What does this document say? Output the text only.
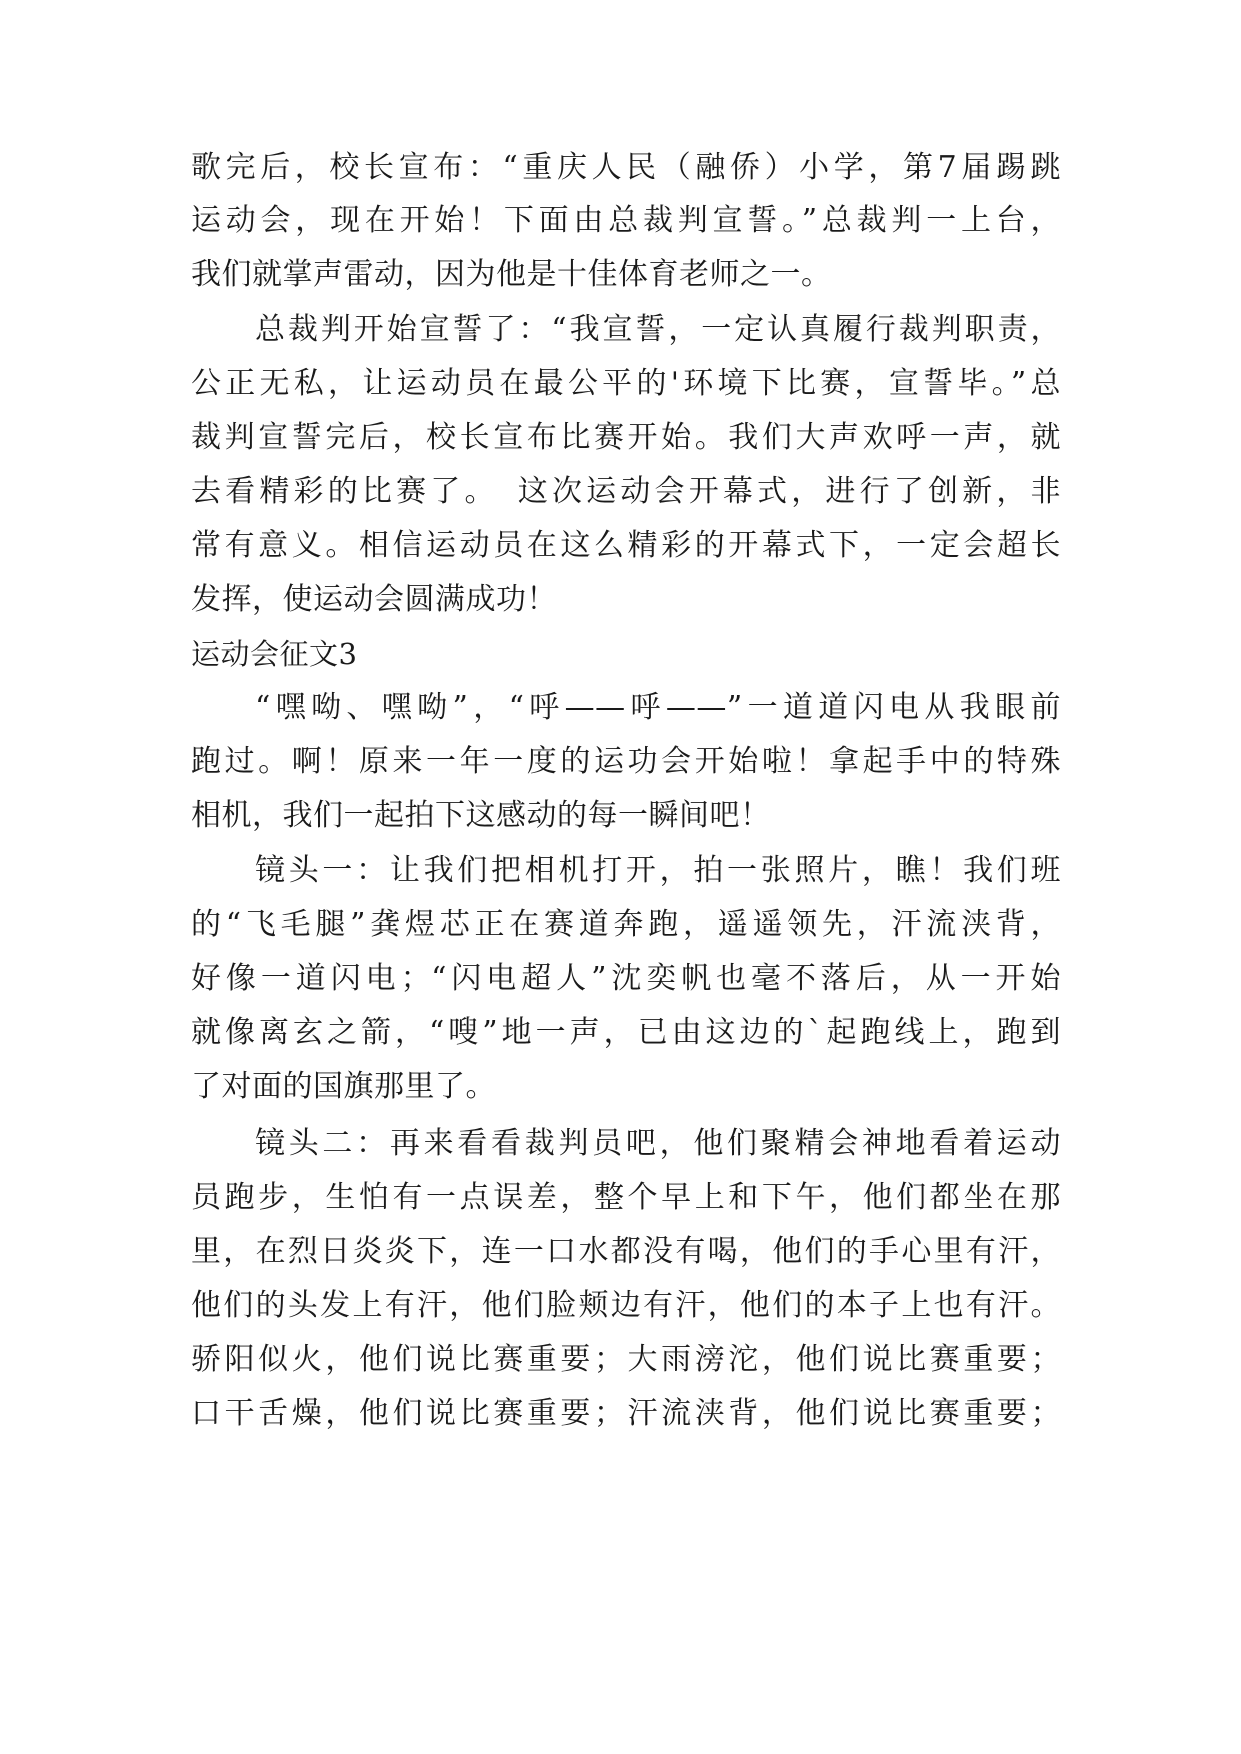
歌完后，校长宣布：“重庆人民（融侨）小学，第7届踢跳
运动会，现在开始！下面由总裁判宣誓。”总裁判一上台，
我们就掌声雷动，因为他是十佳体育老师之一。
总裁判开始宣誓了：“我宣誓，一定认真履行裁判职责，
公正无私，让运动员在最公平的'环境下比赛，宣誓毕。”总
裁判宣誓完后，校长宣布比赛开始。我们大声欢呼一声，就
去看精彩的比赛了。　这次运动会开幕式，进行了创新，非
常有意义。相信运动员在这么精彩的开幕式下，一定会超长
发挥，使运动会圆满成功！
运动会征文3
“嘿呦、嘿呦”，“呼——呼——”一道道闪电从我眼前
跑过。啊！原来一年一度的运功会开始啦！拿起手中的特殊
相机，我们一起拍下这感动的每一瞬间吧！
镜头一：让我们把相机打开，拍一张照片，瞧！我们班
的“飞毛腿”龚煜芯正在赛道奔跑，遥遥领先，汗流浃背，
好像一道闪电；“闪电超人”沈奕帆也毫不落后，从一开始
就像离玄之箭，“嗖”地一声，已由这边的`起跑线上，跑到
了对面的国旗那里了。
镜头二：再来看看裁判员吧，他们聚精会神地看着运动
员跑步，生怕有一点误差，整个早上和下午，他们都坐在那
里，在烈日炎炎下，连一口水都没有喝，他们的手心里有汗，
他们的头发上有汗，他们脸颊边有汗，他们的本子上也有汗。
骄阳似火，他们说比赛重要；大雨滂沱，他们说比赛重要；
口干舌燥，他们说比赛重要；汗流浃背，他们说比赛重要；
